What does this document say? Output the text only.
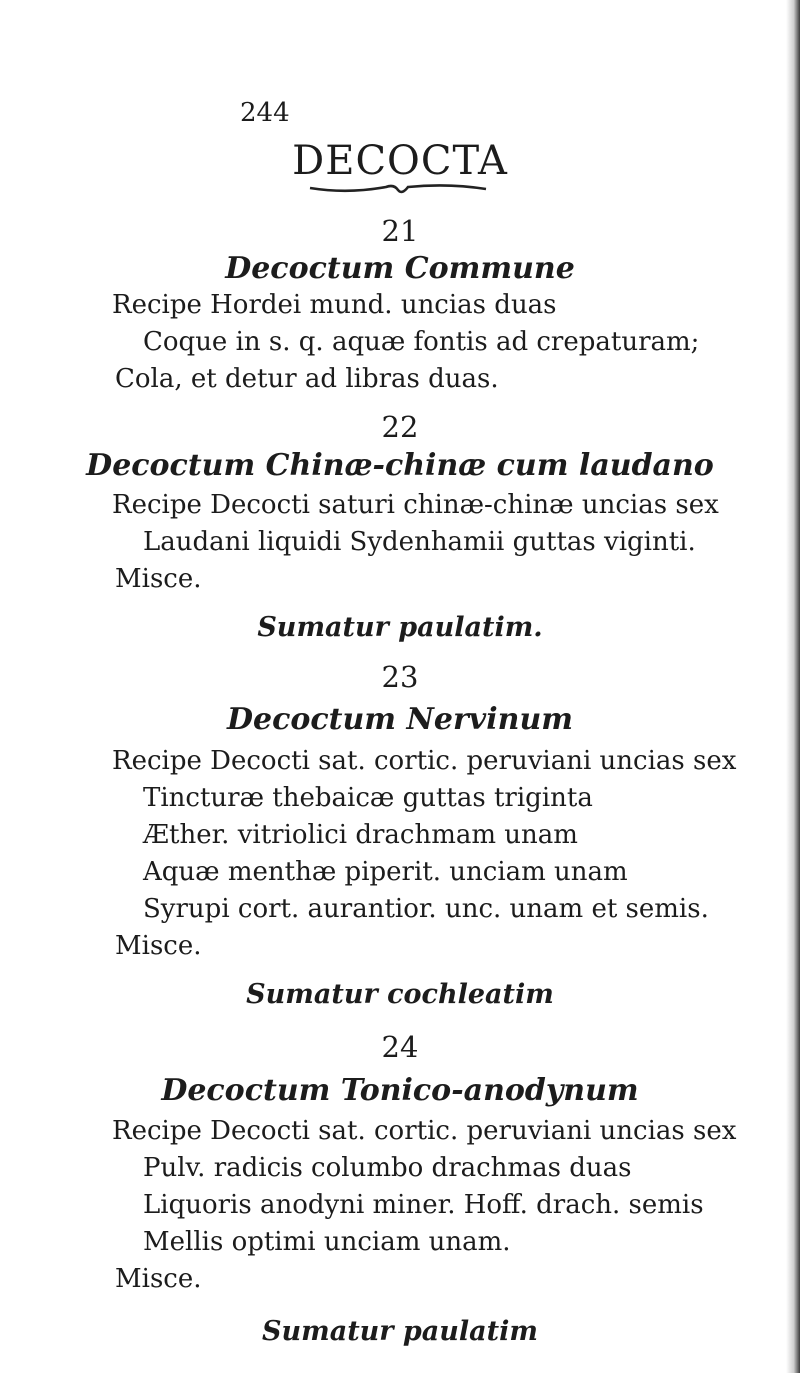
244
DECOCTA
21
Decoctum Commune
Recipe Hordei mund. uncias duas
Coque in s. q. aquæ fontis ad crepaturam;
Cola, et detur ad libras duas.
22
Decoctum Chinæ-chinæ cum laudano
Recipe Decocti saturi chinæ-chinæ uncias sex
Laudani liquidi Sydenhamii guttas viginti.
Misce.
Sumatur paulatim.
23
Decoctum Nervinum
Recipe Decocti sat. cortic. peruviani uncias sex
Tincturæ thebaicæ guttas triginta
Æther. vitriolici drachmam unam
Aquæ menthæ piperit. unciam unam
Syrupi cort. aurantior. unc. unam et semis.
Misce.
Sumatur cochleatim
24
Decoctum Tonico-anodynum
Recipe Decocti sat. cortic. peruviani uncias sex
Pulv. radicis columbo drachmas duas
Liquoris anodyni miner. Hoff. drach. semis
Mellis optimi unciam unam.
Misce.
Sumatur paulatim
